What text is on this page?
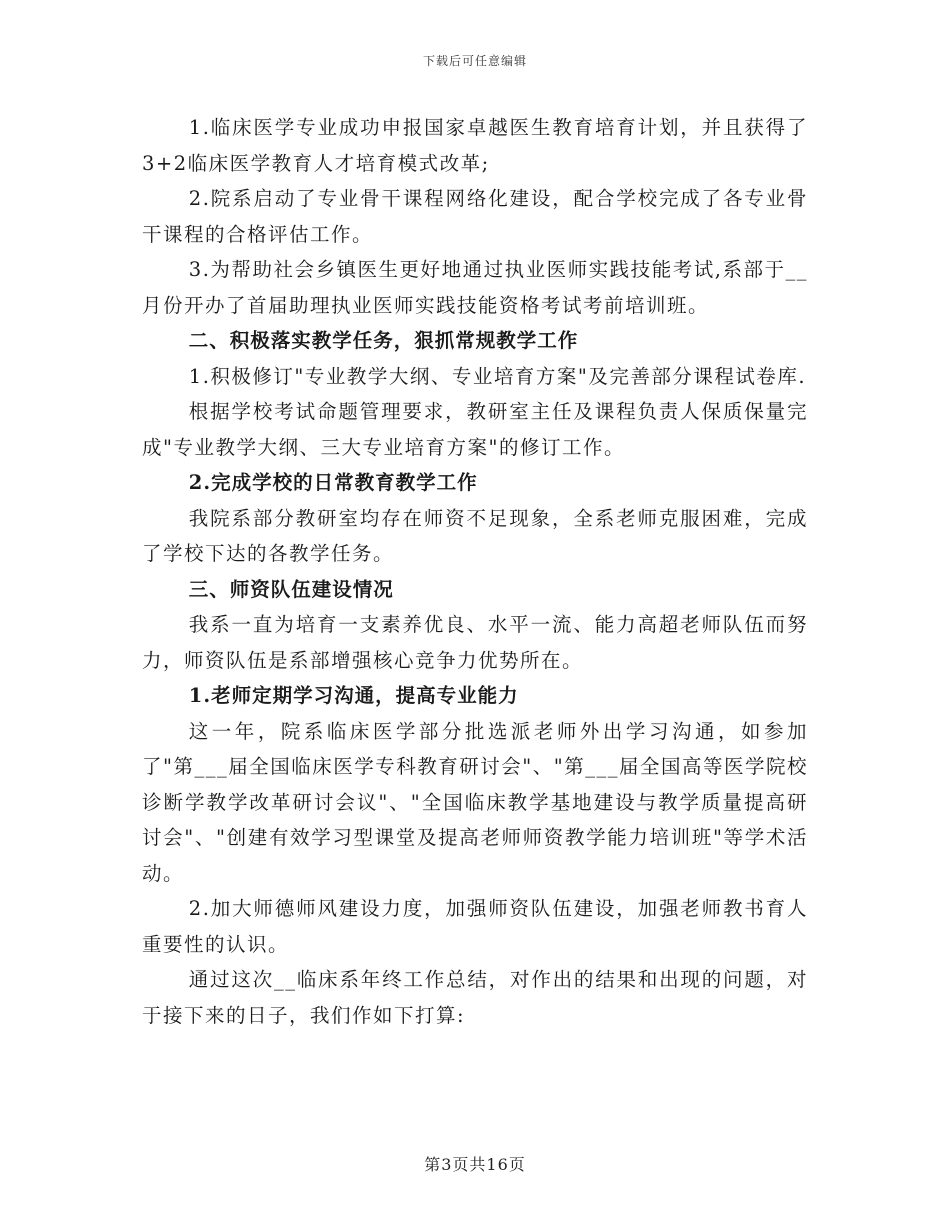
下载后可任意编辑

1.临床医学专业成功申报国家卓越医生教育培育计划，并且获得了3+2临床医学教育人才培育模式改革;

2.院系启动了专业骨干课程网络化建设，配合学校完成了各专业骨干课程的合格评估工作。

3.为帮助社会乡镇医生更好地通过执业医师实践技能考试,系部于__月份开办了首届助理执业医师实践技能资格考试考前培训班。

二、积极落实教学任务，狠抓常规教学工作

1.积极修订"专业教学大纲、专业培育方案"及完善部分课程试卷库.

根据学校考试命题管理要求，教研室主任及课程负责人保质保量完成"专业教学大纲、三大专业培育方案"的修订工作。

2.完成学校的日常教育教学工作

我院系部分教研室均存在师资不足现象，全系老师克服困难，完成了学校下达的各教学任务。

三、师资队伍建设情况

我系一直为培育一支素养优良、水平一流、能力高超老师队伍而努力，师资队伍是系部增强核心竞争力优势所在。

1.老师定期学习沟通，提高专业能力

这一年，院系临床医学部分批选派老师外出学习沟通，如参加了"第___届全国临床医学专科教育研讨会"、"第___届全国高等医学院校诊断学教学改革研讨会议"、"全国临床教学基地建设与教学质量提高研讨会"、"创建有效学习型课堂及提高老师师资教学能力培训班"等学术活动。

2.加大师德师风建设力度，加强师资队伍建设，加强老师教书育人重要性的认识。

通过这次__临床系年终工作总结，对作出的结果和出现的问题，对于接下来的日子，我们作如下打算:

第3页共16页
